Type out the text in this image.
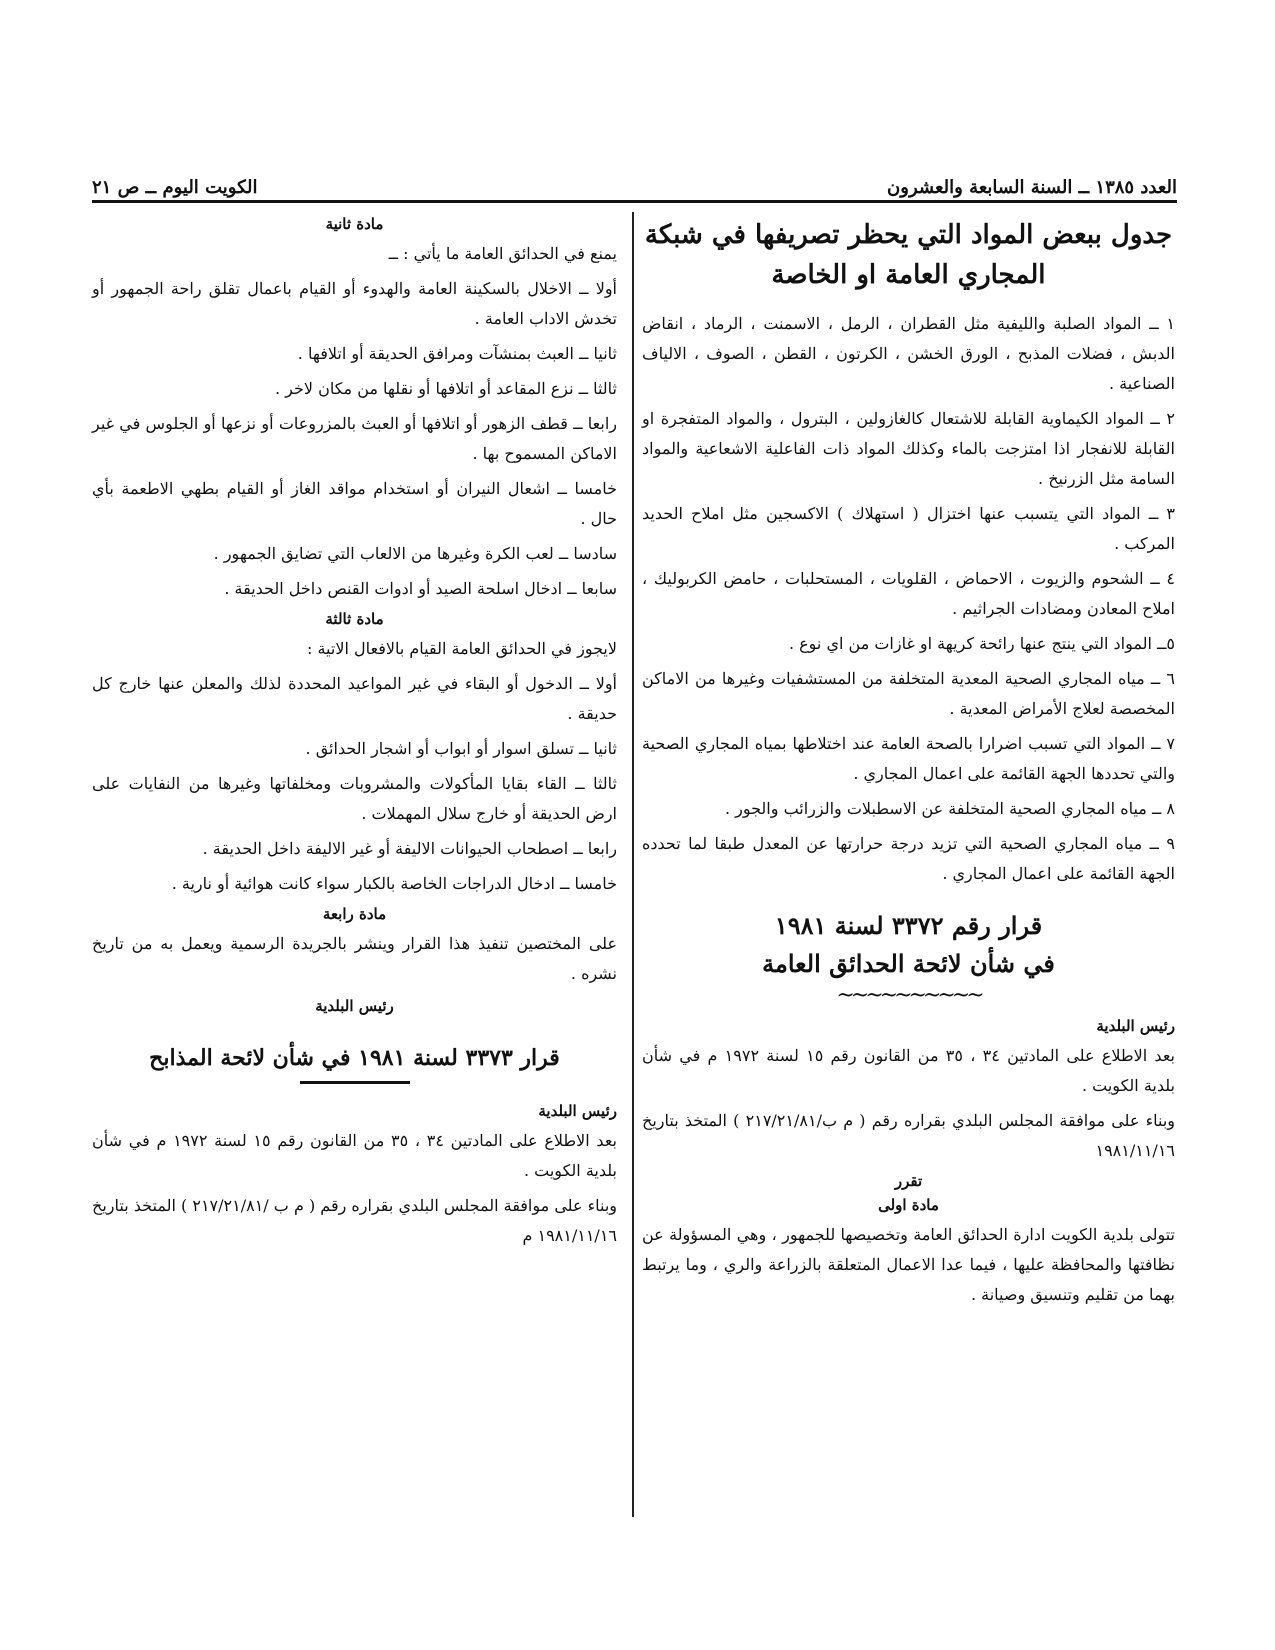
العدد ١٣٨٥ ــ السنة السابعة والعشرون
الكويت اليوم ــ ص ٢١

جدول ببعض المواد التي يحظر تصريفها في شبكة المجاري العامة او الخاصة

١ ــ المواد الصلبة والليفية مثل القطران ، الرمل ، الاسمنت ، الرماد ، انقاض الدبش ، فضلات المذبح ، الورق الخشن ، الكرتون ، القطن ، الصوف ، الالياف الصناعية .

٢ ــ المواد الكيماوية القابلة للاشتعال كالغازولين ، البترول ، والمواد المتفجرة او القابلة للانفجار اذا امتزجت بالماء وكذلك المواد ذات الفاعلية الاشعاعية والمواد السامة مثل الزرنيخ .

٣ ــ المواد التي يتسبب عنها اختزال ( استهلاك ) الاكسجين مثل املاح الحديد المركب .

٤ ــ الشحوم والزيوت ، الاحماض ، القلويات ، المستحلبات ، حامض الكربوليك ، املاح المعادن ومضادات الجراثيم .

٥ــ المواد التي ينتج عنها رائحة كريهة او غازات من اي نوع .

٦ ــ مياه المجاري الصحية المعدية المتخلفة من المستشفيات وغيرها من الاماكن المخصصة لعلاج الأمراض المعدية .

٧ ــ المواد التي تسبب اضرارا بالصحة العامة عند اختلاطها بمياه المجاري الصحية والتي تحددها الجهة القائمة على اعمال المجاري .

٨ ــ مياه المجاري الصحية المتخلفة عن الاسطبلات والزرائب والجور .

٩ ــ مياه المجاري الصحية التي تزيد درجة حرارتها عن المعدل طبقا لما تحدده الجهة القائمة على اعمال المجاري .

قرار رقم ٣٣٧٢ لسنة ١٩٨١

في شأن لائحة الحدائق العامة

~~~~~~~~~~

رئيس البلدية

بعد الاطلاع على المادتين ٣٤ ، ٣٥ من القانون رقم ١٥ لسنة ١٩٧٢ م في شأن بلدية الكويت .

وبناء على موافقة المجلس البلدي بقراره رقم ( م ب/٢١٧/٢١/٨١ ) المتخذ بتاريخ ١٩٨١/١١/١٦

تقرر

مادة اولى

تتولى بلدية الكويت ادارة الحدائق العامة وتخصيصها للجمهور ، وهي المسؤولة عن نظافتها والمحافظة عليها ، فيما عدا الاعمال المتعلقة بالزراعة والري ، وما يرتبط بهما من تقليم وتنسيق وصيانة .

مادة ثانية

يمنع في الحدائق العامة ما يأتي : ــ

أولا ــ الاخلال بالسكينة العامة والهدوء أو القيام باعمال تقلق راحة الجمهور أو تخدش الاداب العامة .

ثانيا ــ العبث بمنشآت ومرافق الحديقة أو اتلافها .

ثالثا ــ نزع المقاعد أو اتلافها أو نقلها من مكان لاخر .

رابعا ــ قطف الزهور أو اتلافها أو العبث بالمزروعات أو نزعها أو الجلوس في غير الاماكن المسموح بها .

خامسا ــ اشعال النيران أو استخدام مواقد الغاز أو القيام بطهي الاطعمة بأي حال .

سادسا ــ لعب الكرة وغيرها من الالعاب التي تضايق الجمهور .

سابعا ــ ادخال اسلحة الصيد أو ادوات القنص داخل الحديقة .

مادة ثالثة

لايجوز في الحدائق العامة القيام بالافعال الاتية :

أولا ــ الدخول أو البقاء في غير المواعيد المحددة لذلك والمعلن عنها خارج كل حديقة .

ثانيا ــ تسلق اسوار أو ابواب أو اشجار الحدائق .

ثالثا ــ القاء بقايا المأكولات والمشروبات ومخلفاتها وغيرها من النفايات على ارض الحديقة أو خارج سلال المهملات .

رابعا ــ اصطحاب الحيوانات الاليفة أو غير الاليفة داخل الحديقة .

خامسا ــ ادخال الدراجات الخاصة بالكبار سواء كانت هوائية أو نارية .

مادة رابعة

على المختصين تنفيذ هذا القرار وينشر بالجريدة الرسمية ويعمل به من تاريخ نشره .

رئيس البلدية

قرار ٣٣٧٣ لسنة ١٩٨١ في شأن لائحة المذابح

رئيس البلدية

بعد الاطلاع على المادتين ٣٤ ، ٣٥ من القانون رقم ١٥ لسنة ١٩٧٢ م في شأن بلدية الكويت .

وبناء على موافقة المجلس البلدي بقراره رقم ( م ب /٢١٧/٢١/٨١ ) المتخذ بتاريخ ١٩٨١/١١/١٦ م
